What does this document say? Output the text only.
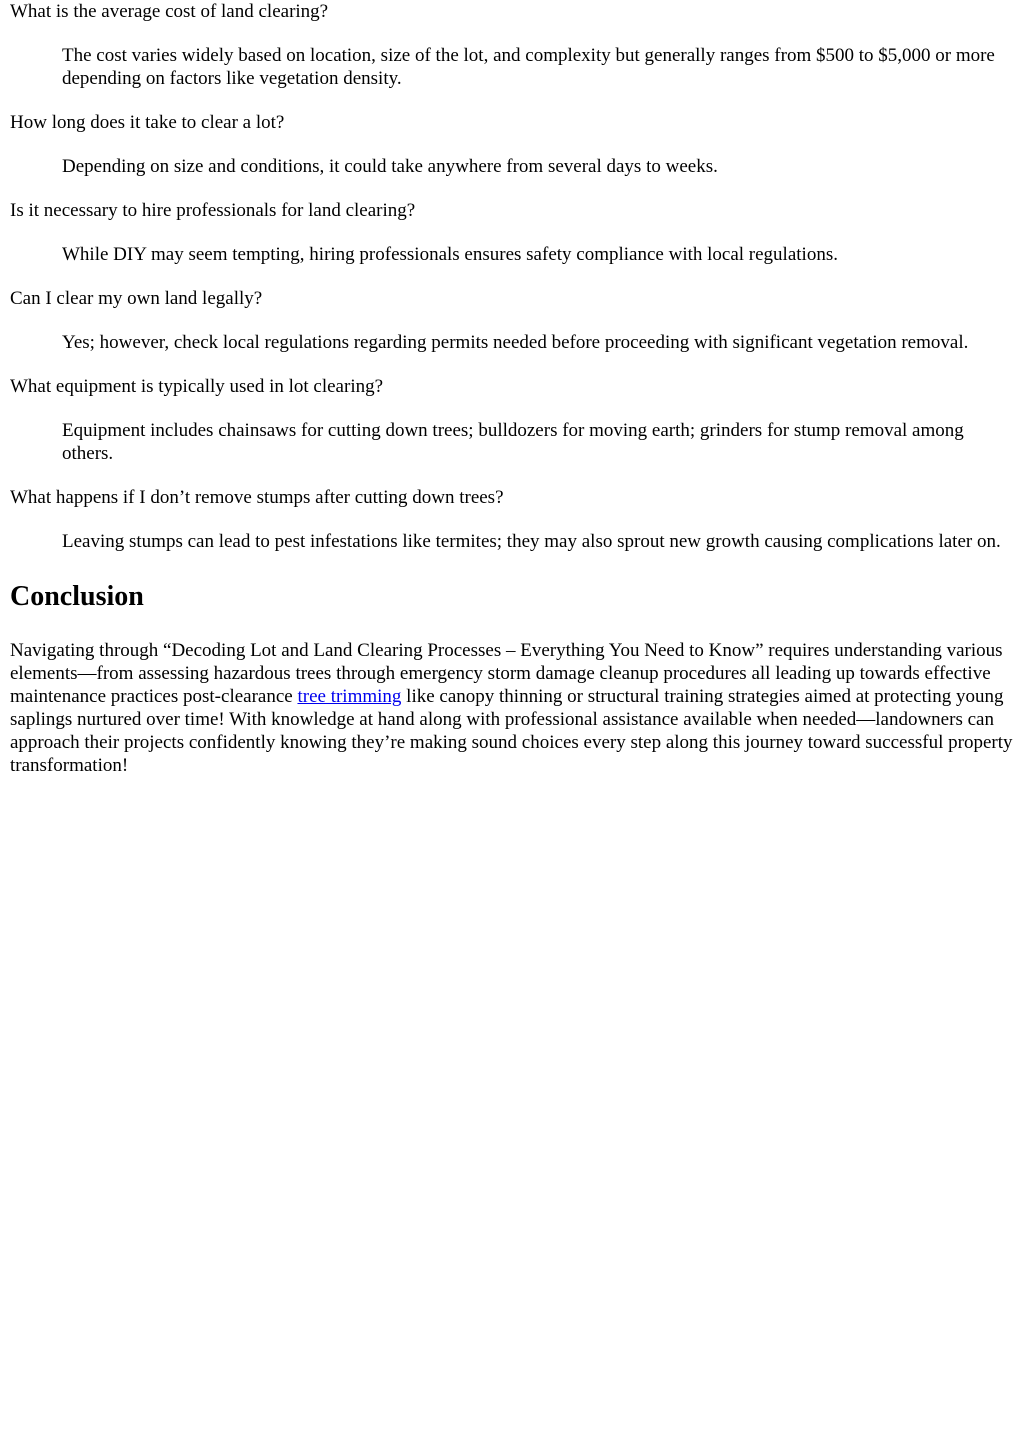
What is the average cost of land clearing?
The cost varies widely based on location, size of the lot, and complexity but generally ranges from $500 to $5,000 or more depending on factors like vegetation density.
How long does it take to clear a lot?
Depending on size and conditions, it could take anywhere from several days to weeks.
Is it necessary to hire professionals for land clearing?
While DIY may seem tempting, hiring professionals ensures safety compliance with local regulations.
Can I clear my own land legally?
Yes; however, check local regulations regarding permits needed before proceeding with significant vegetation removal.
What equipment is typically used in lot clearing?
Equipment includes chainsaws for cutting down trees; bulldozers for moving earth; grinders for stump removal among others.
What happens if I don’t remove stumps after cutting down trees?
Leaving stumps can lead to pest infestations like termites; they may also sprout new growth causing complications later on.
Conclusion

Navigating through “Decoding Lot and Land Clearing Processes – Everything You Need to Know” requires understanding various elements—from assessing hazardous trees through emergency storm damage cleanup procedures all leading up towards effective maintenance practices post-clearance tree trimming like canopy thinning or structural training strategies aimed at protecting young saplings nurtured over time! With knowledge at hand along with professional assistance available when needed—landowners can approach their projects confidently knowing they’re making sound choices every step along this journey toward successful property transformation!
